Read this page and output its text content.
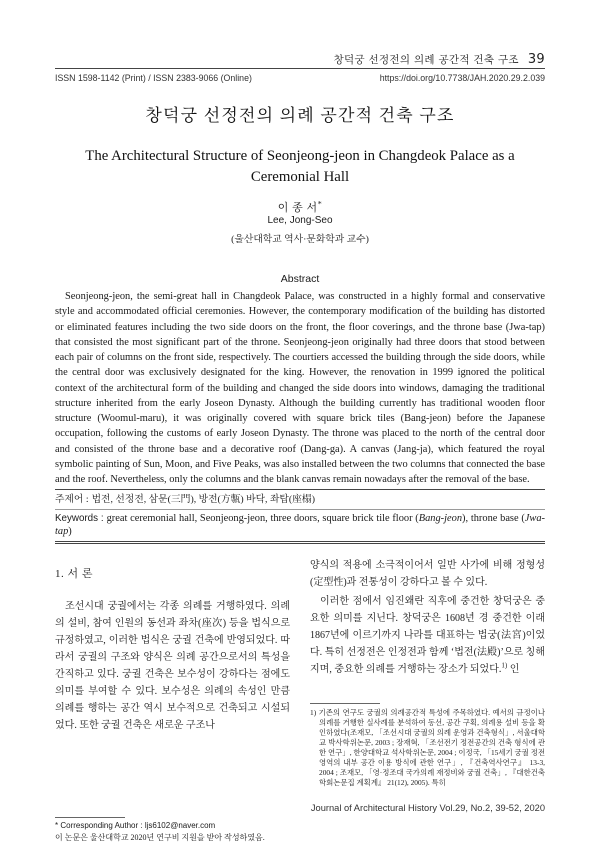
창덕궁 선정전의 의례 공간적 건축 구조 39
ISSN 1598-1142 (Print) / ISSN 2383-9066 (Online)	https://doi.org/10.7738/JAH.2020.29.2.039
창덕궁 선정전의 의례 공간적 건축 구조
The Architectural Structure of Seonjeong-jeon in Changdeok Palace as a Ceremonial Hall
이 종 서*
Lee, Jong-Seo
(울산대학교 역사·문화학과 교수)
Abstract

Seonjeong-jeon, the semi-great hall in Changdeok Palace, was constructed in a highly formal and conservative style and accommodated official ceremonies. However, the contemporary modification of the building has distorted or eliminated features including the two side doors on the front, the floor coverings, and the throne base (Jwa-tap) that consisted the most significant part of the throne. Seonjeong-jeon originally had three doors that stood between each pair of columns on the front side, respectively. The courtiers accessed the building through the side doors, while the central door was exclusively designated for the king. However, the renovation in 1999 ignored the political context of the architectural form of the building and changed the side doors into windows, damaging the traditional structure inherited from the early Joseon Dynasty. Although the building currently has traditional wooden floor structure (Woomul-maru), it was originally covered with square brick tiles (Bang-jeon) before the Japanese occupation, following the customs of early Joseon Dynasty. The throne was placed to the north of the central door and consisted of the throne base and a decorative roof (Dang-ga). A canvas (Jang-ja), which featured the royal symbolic painting of Sun, Moon, and Five Peaks, was also installed between the two columns that connected the base and the roof. Nevertheless, only the columns and the blank canvas remain nowadays after the removal of the base.

주제어 : 법전, 선정전, 삼문(三門), 방전(方甎) 바닥, 좌탑(座榻)
Keywords : great ceremonial hall, Seonjeong-jeon, three doors, square brick tile floor (Bang-jeon), throne base (Jwa-tap)
1. 서 론

조선시대 궁궐에서는 각종 의례를 거행하였다. 의례의 설비, 참여 인원의 동선과 좌차(座次) 등을 법식으로 규정하였고, 이러한 법식은 궁궐 건축에 반영되었다. 따라서 궁궐의 구조와 양식은 의례 공간으로서의 특성을 간직하고 있다. 궁궐 건축은 보수성이 강하다는 점에도 의미를 부여할 수 있다. 보수성은 의례의 속성인 만큼 의례를 행하는 공간 역시 보수적으로 건축되고 시설되었다. 또한 궁궐 건축은 새로운 구조나

양식의 적용에 소극적이어서 일반 사가에 비해 정형성(定型性)과 전통성이 강하다고 볼 수 있다.

이러한 점에서 임진왜란 직후에 중건한 창덕궁은 중요한 의미를 지닌다. 창덕궁은 1608년 경 중건한 이래 1867년에 이르기까지 나라를 대표하는 법궁(法宮)이었다. 특히 선정전은 인정전과 함께 ‘법전(法殿)’으로 칭해지며, 중요한 의례를 거행하는 장소가 되었다.$^{1)}$ 인

1) 기존의 연구도 궁궐의 의례공간적 특성에 주목하였다. 예서의 규정이나 의례를 거행한 실사례를 분석하여 동선, 공간 구획, 의례용 설비 등을 확인하였다(조재모, 「조선시대 궁궐의 의례 운영과 건축형식」, 서울대학교 박사학위논문, 2003 ; 장재혁, 「조선전기 정전공간의 건축 형식에 관한 연구」, 한양대학교 석사학위논문, 2004 ; 이정국, 「15세기 궁궐 정전 영역의 내부 공간 이용 방식에 관한 연구」, 『건축역사연구』 13-3, 2004 ; 조재모, 「영·정조대 국가의례 재정비와 궁궐 건축」, 『대한건축학회논문집 계획계』 21(12), 2005). 특히

Journal of Architectural History Vol.29, No.2, 39-52, 2020
* Corresponding Author : ljs6102@naver.com
이 논문은 울산대학교 2020년 연구비 지원을 받아 작성하였음.
